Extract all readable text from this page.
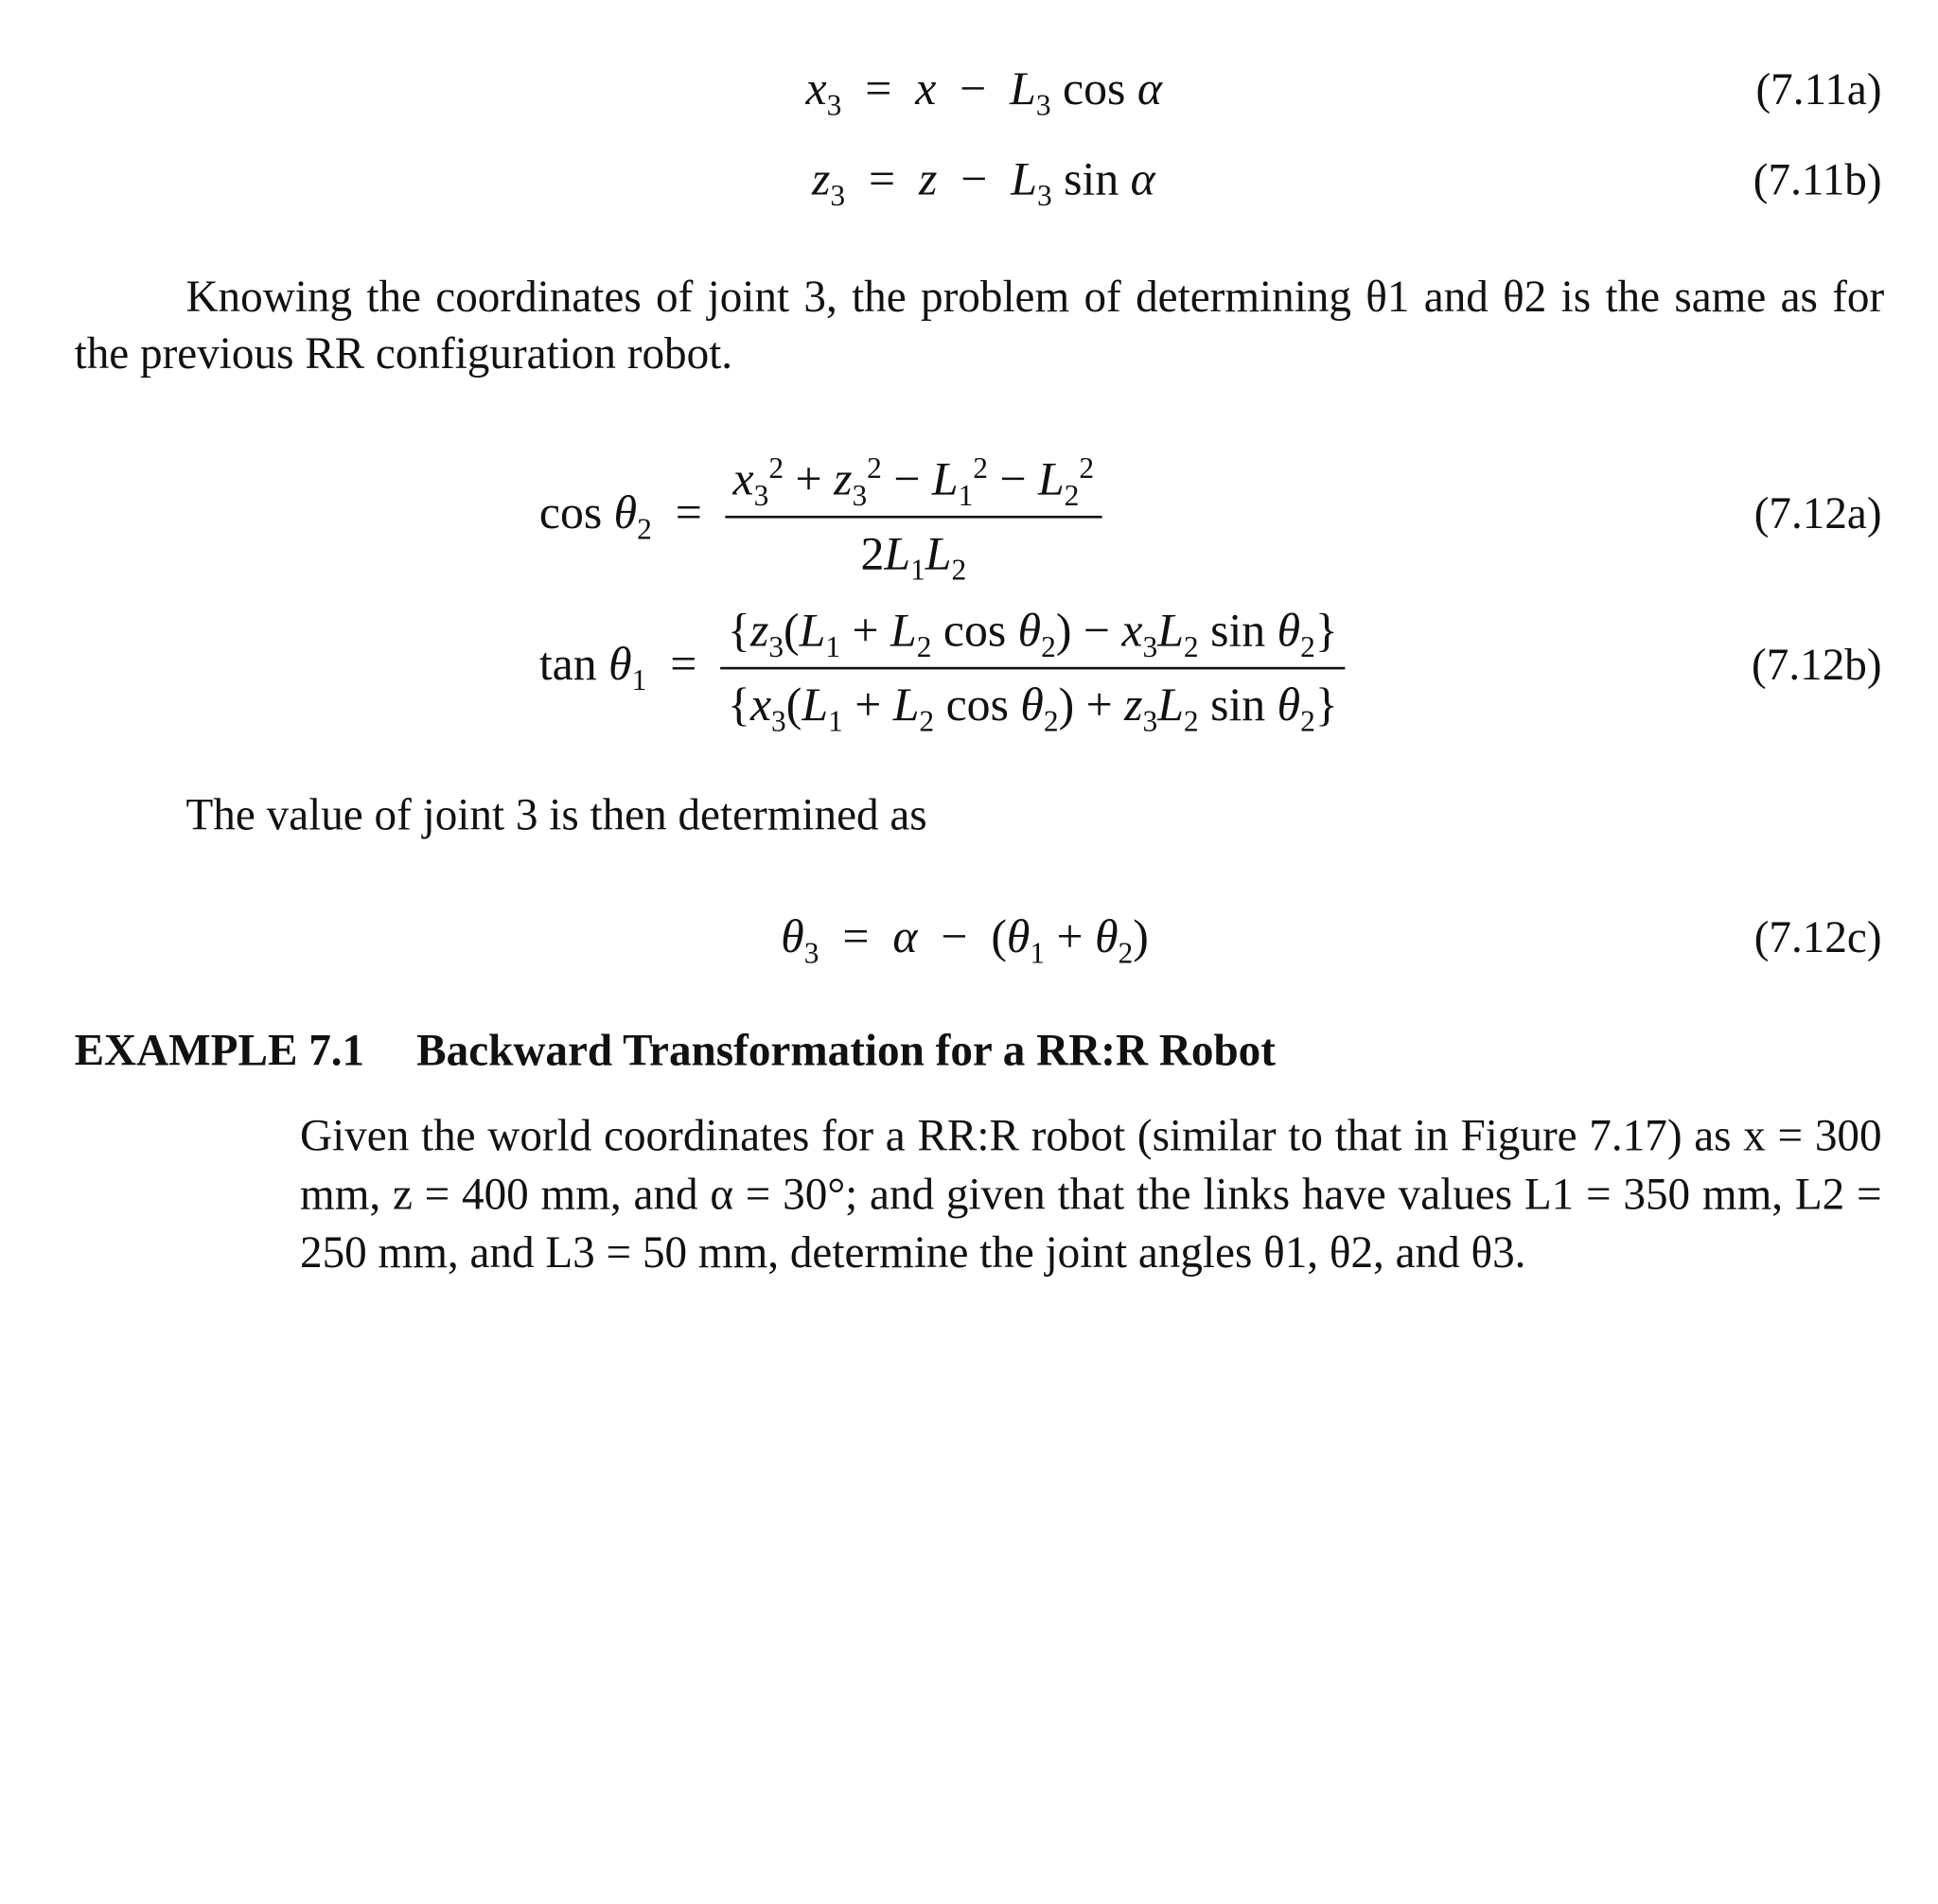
$x_3 = x - L_3$ cos α	(7.11a)
$z_3 = z - L_3$ sin α	(7.11b)
Knowing the coordinates of joint 3, the problem of determining θ1 and θ2 is the same as for the previous RR configuration robot.
$\cos \theta_2 = \frac{x_3^2 + z_3^2 - L_1^2 - L_2^2}{2L_1L_2}$	(7.12a)
$\tan \theta_1 = \frac{\{z_3(L_1 + L_2 \cos \theta_2) - x_3L_2 \sin \theta_2\}}{\{x_3(L_1 + L_2 \cos \theta_2) + z_3L_2 \sin \theta_2\}}$	(7.12b)
The value of joint 3 is then determined as
$\theta_3 = \alpha - (\theta_1 + \theta_2)$	(7.12c)
EXAMPLE 7.1 Backward Transformation for a RR:R Robot
Given the world coordinates for a RR:R robot (similar to that in Figure 7.17) as x = 300 mm, z = 400 mm, and α = 30°; and given that the links have values L1 = 350 mm, L2 = 250 mm, and L3 = 50 mm, determine the joint angles θ1, θ2, and θ3.
